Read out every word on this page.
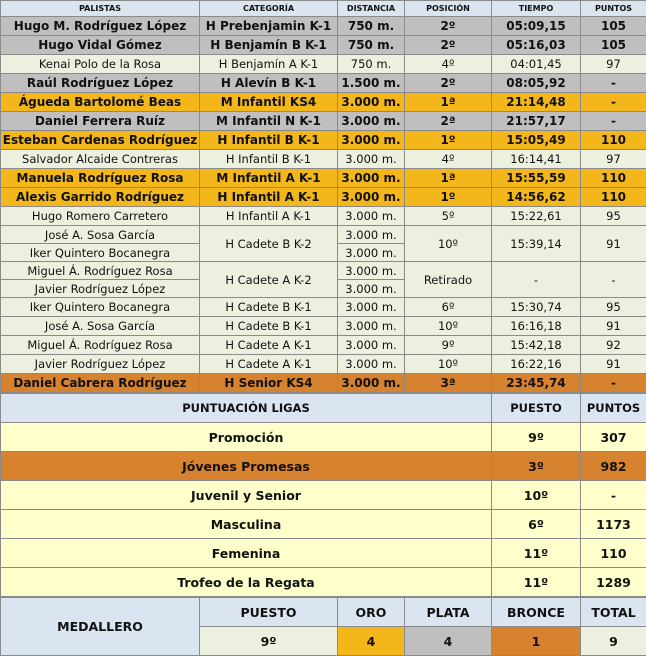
PALISTAS	CATEGORÍA	DISTANCIA	POSICIÓN	TIEMPO	PUNTOS
Hugo M. Rodríguez López	H Prebenjamin K-1	750 m.	2º	05:09,15	105
Hugo Vidal Gómez	H Benjamín B K-1	750 m.	2º	05:16,03	105
Kenai Polo de la Rosa	H Benjamín A K-1	750 m.	4º	04:01,45	97
Raúl Rodríguez López	H Alevín B K-1	1.500 m.	2º	08:05,92	-
Águeda Bartolomé Beas	M Infantil KS4	3.000 m.	1ª	21:14,48	-
Daniel Ferrera Ruíz	M Infantil N K-1	3.000 m.	2ª	21:57,17	-
Esteban Cardenas Rodríguez	H Infantil B K-1	3.000 m.	1º	15:05,49	110
Salvador Alcaide Contreras	H Infantil B K-1	3.000 m.	4º	16:14,41	97
Manuela Rodríguez Rosa	M Infantil A K-1	3.000 m.	1ª	15:55,59	110
Alexis Garrido Rodríguez	H Infantil A K-1	3.000 m.	1º	14:56,62	110
Hugo Romero Carretero	H Infantil A K-1	3.000 m.	5º	15:22,61	95
José A. Sosa García	H Cadete B K-2	3.000 m.	10º	15:39,14	91
Iker Quintero Bocanegra		3.000 m.			
Miguel Á. Rodríguez Rosa	H Cadete A K-2	3.000 m.	Retirado	-	-
Javier Rodríguez López		3.000 m.			
Iker Quintero Bocanegra	H Cadete B K-1	3.000 m.	6º	15:30,74	95
José A. Sosa García	H Cadete B K-1	3.000 m.	10º	16:16,18	91
Miguel Á. Rodríguez Rosa	H Cadete A K-1	3.000 m.	9º	15:42,18	92
Javier Rodríguez López	H Cadete A K-1	3.000 m.	10º	16:22,16	91
Daniel Cabrera Rodríguez	H Senior KS4	3.000 m.	3ª	23:45,74	-
PUNTUACIÓN LIGAS	PUESTO	PUNTOS
Promoción	9º	307
Jóvenes Promesas	3º	982
Juvenil y Senior	10º	-
Masculina	6º	1173
Femenina	11º	110
Trofeo de la Regata	11º	1289
MEDALLERO	PUESTO	ORO	PLATA	BRONCE	TOTAL
	9º	4	4	1	9
